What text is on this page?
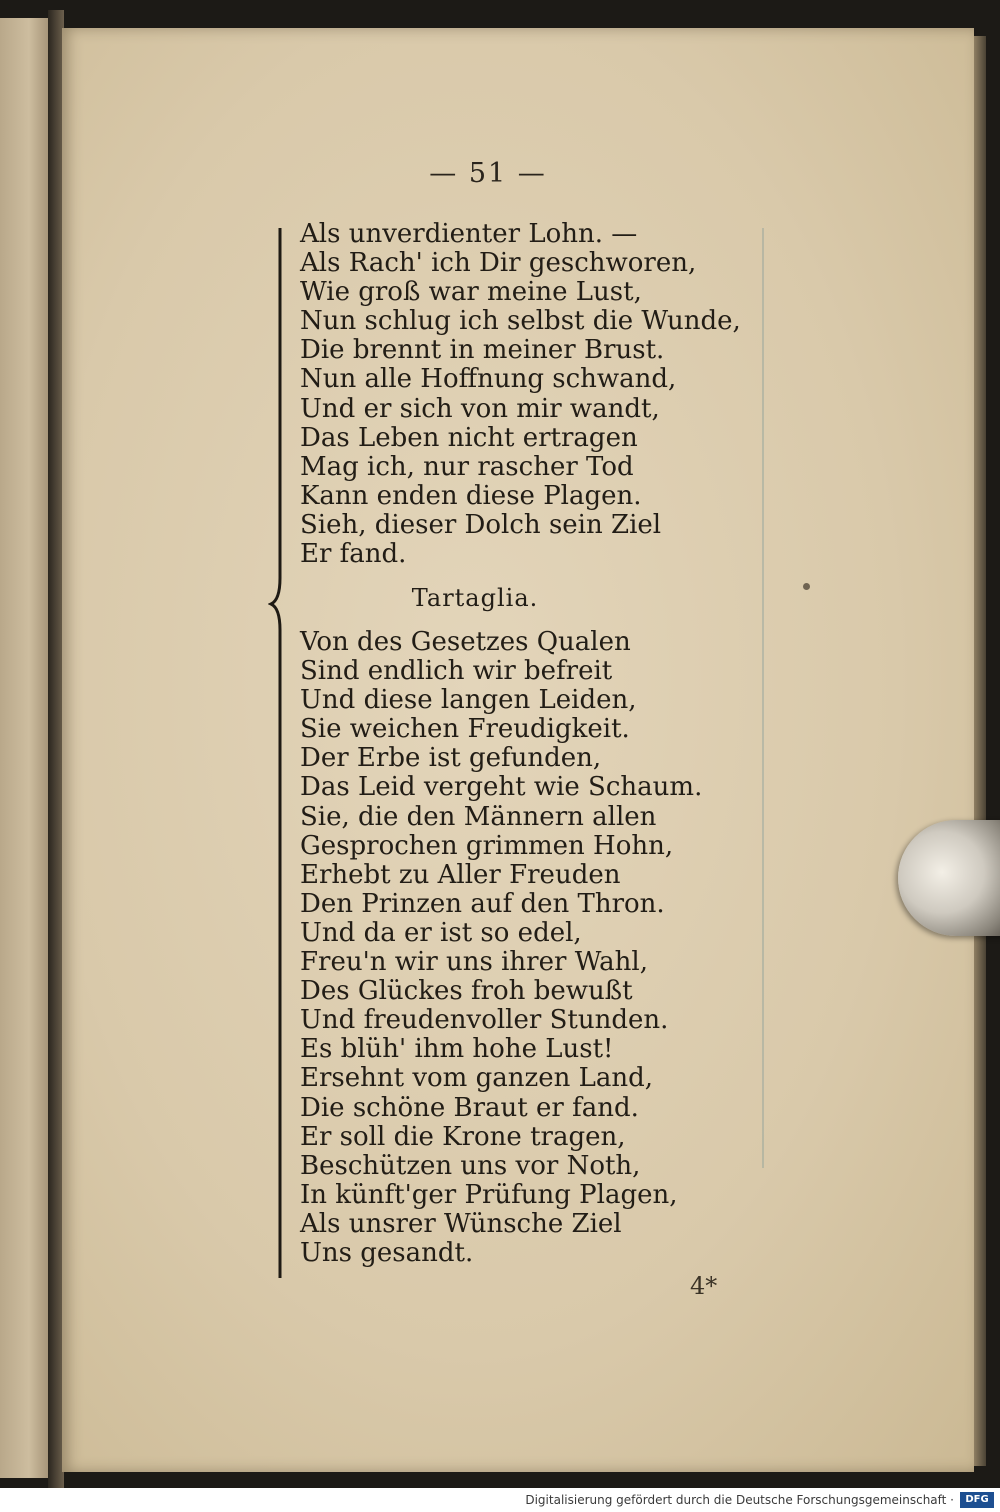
— 51 —
Als unverdienter Lohn. —
Als Rach' ich Dir geschworen,
Wie groß war meine Lust,
Nun schlug ich selbst die Wunde,
Die brennt in meiner Brust.
Nun alle Hoffnung schwand,
Und er sich von mir wandt,
Das Leben nicht ertragen
Mag ich, nur rascher Tod
Kann enden diese Plagen.
Sieh, dieser Dolch sein Ziel
Er fand.
Tartaglia.
Von des Gesetzes Qualen
Sind endlich wir befreit
Und diese langen Leiden,
Sie weichen Freudigkeit.
Der Erbe ist gefunden,
Das Leid vergeht wie Schaum.
Sie, die den Männern allen
Gesprochen grimmen Hohn,
Erhebt zu Aller Freuden
Den Prinzen auf den Thron.
Und da er ist so edel,
Freu'n wir uns ihrer Wahl,
Des Glückes froh bewußt
Und freudenvoller Stunden.
Es blüh' ihm hohe Lust!
Ersehnt vom ganzen Land,
Die schöne Braut er fand.
Er soll die Krone tragen,
Beschützen uns vor Noth,
In künft'ger Prüfung Plagen,
Als unsrer Wünsche Ziel
Uns gesandt.
4*
Digitalisierung gefördert durch die Deutsche Forschungsgemeinschaft ·	DFG
